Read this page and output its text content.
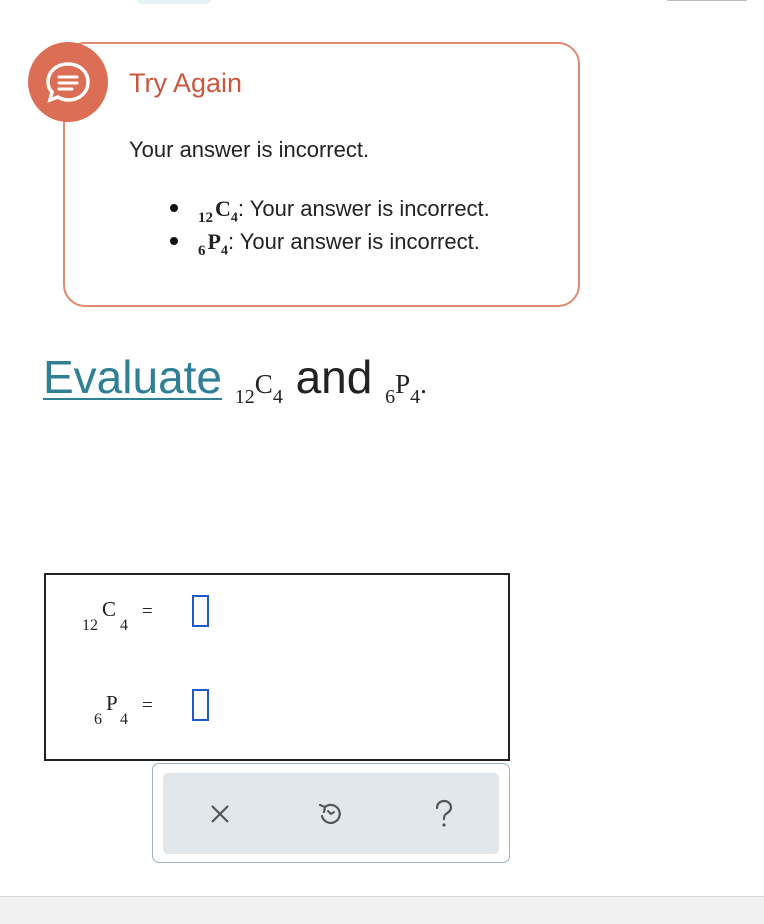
Try Again
Your answer is incorrect.
$_{12}C_4$: Your answer is incorrect.
$_6P_4$: Your answer is incorrect.
Evaluate $_{12}C_4$ and $_6P_4$.
12
C
4
=
6
P
4
=
